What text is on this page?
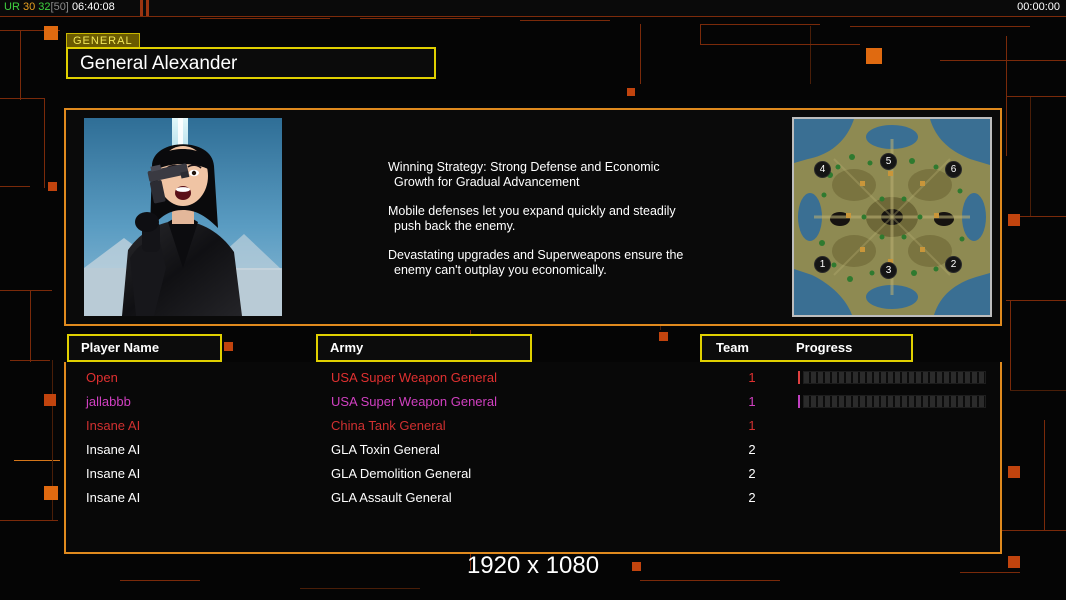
UR 30 32[50] 06:40:08	00:00:00
GENERAL
General Alexander

Winning Strategy: Strong Defense and Economic
Growth for Gradual Advancement

Mobile defenses let you expand quickly and steadily
push back the enemy.

Devastating upgrades and Superweapons ensure the
enemy can't outplay you economically.

4
5
6
1
3
2
Player Name	Army	Team	Progress
Open	USA Super Weapon General	1
jallabbb	USA Super Weapon General	1
Insane AI	China Tank General	1
Insane AI	GLA Toxin General	2
Insane AI	GLA Demolition General	2
Insane AI	GLA Assault General	2
1920 x 1080
